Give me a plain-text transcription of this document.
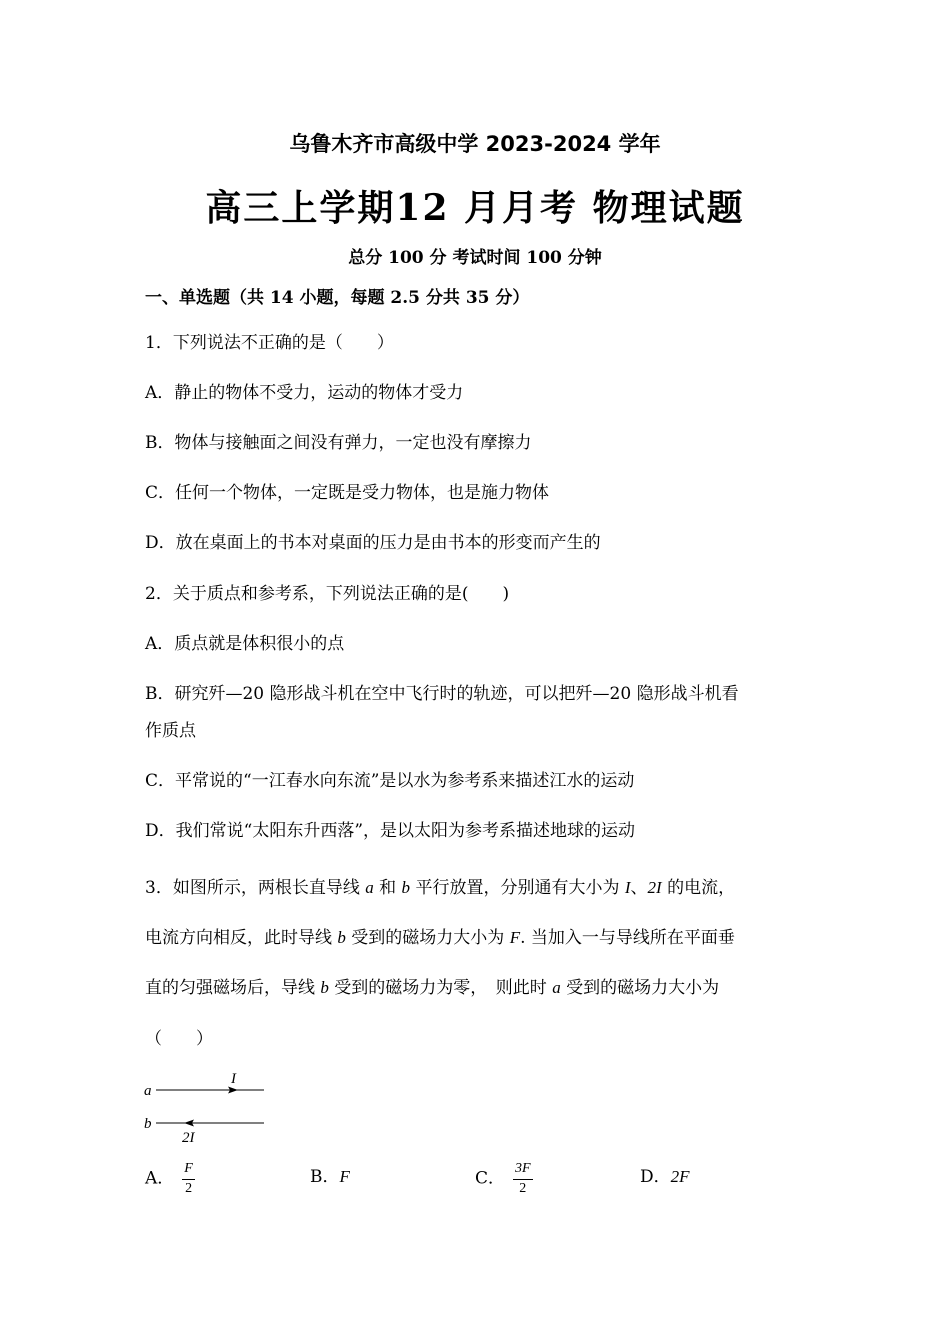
乌鲁木齐市高级中学 2023-2024 学年
高三上学期12 月月考 物理试题
总分 100 分 考试时间 100 分钟
一、单选题（共 14 小题，每题 2.5 分共 35 分）
1．下列说法不正确的是（　　）
A．静止的物体不受力，运动的物体才受力
B．物体与接触面之间没有弹力，一定也没有摩擦力
C．任何一个物体，一定既是受力物体，也是施力物体
D．放在桌面上的书本对桌面的压力是由书本的形变而产生的
2．关于质点和参考系，下列说法正确的是(　　)
A．质点就是体积很小的点
B．研究歼—20 隐形战斗机在空中飞行时的轨迹，可以把歼—20 隐形战斗机看
作质点
C．平常说的“一江春水向东流”是以水为参考系来描述江水的运动
D．我们常说“太阳东升西落”，是以太阳为参考系描述地球的运动
3．如图所示，两根长直导线 a 和 b 平行放置，分别通有大小为 I、2I 的电流，
电流方向相反，此时导线 b 受到的磁场力大小为 F. 当加入一与导线所在平面垂
直的匀强磁场后，导线 b 受到的磁场力为零，　则此时 a 受到的磁场力大小为
（　　）
a
I
b
2I
A． $\frac{F}{2}$	B．F	C． $\frac{3F}{2}$	D．2F
